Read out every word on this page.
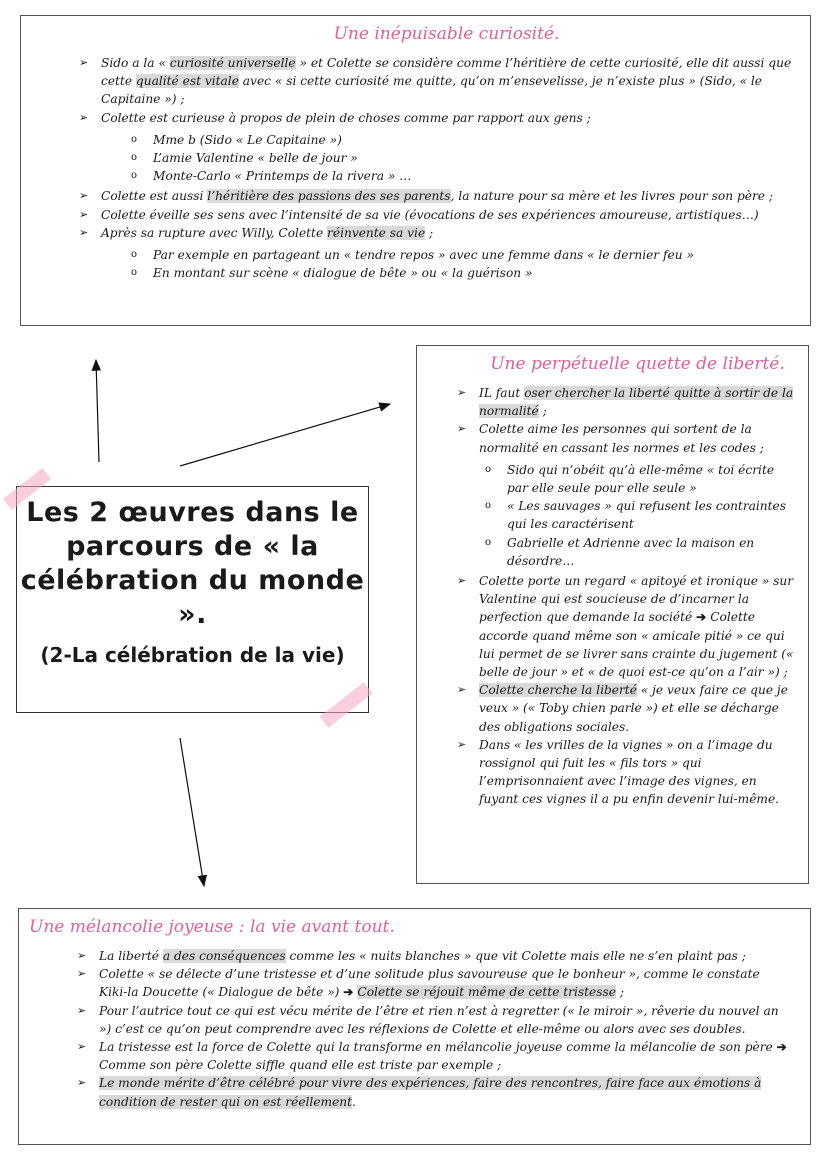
Une inépuisable curiosité.
➢ Sido a la « curiosité universelle » et Colette se considère comme l’héritière de cette curiosité, elle dit aussi que cette qualité est vitale avec « si cette curiosité me quitte, qu’on m’ensevelisse, je n’existe plus » (Sido, « le Capitaine ») ;
➢ Colette est curieuse à propos de plein de choses comme par rapport aux gens ;
o Mme b (Sido « Le Capitaine »)
o L’amie Valentine « belle de jour »
o Monte-Carlo « Printemps de la rivera » …
➢ Colette est aussi l’héritière des passions des ses parents, la nature pour sa mère et les livres pour son père ;
➢ Colette éveille ses sens avec l’intensité de sa vie (évocations de ses expériences amoureuse, artistiques…)
➢ Après sa rupture avec Willy, Colette réinvente sa vie ;
o Par exemple en partageant un « tendre repos » avec une femme dans « le dernier feu »
o En montant sur scène « dialogue de bête » ou « la guérison »
Une perpétuelle quette de liberté.
➢ IL faut oser chercher la liberté quitte à sortir de la normalité ;
➢ Colette aime les personnes qui sortent de la normalité en cassant les normes et les codes ;
o Sido qui n’obéit qu’à elle-même « toi écrite par elle seule pour elle seule »
o « Les sauvages » qui refusent les contraintes qui les caractérisent
o Gabrielle et Adrienne avec la maison en désordre…
➢ Colette porte un regard « apitoyé et ironique » sur Valentine qui est soucieuse de d’incarner la perfection que demande la société ➔ Colette accorde quand même son « amicale pitié » ce qui lui permet de se livrer sans crainte du jugement (« belle de jour » et « de quoi est-ce qu’on a l’air ») ;
➢ Colette cherche la liberté « je veux faire ce que je veux » (« Toby chien parle ») et elle se décharge des obligations sociales.
➢ Dans « les vrilles de la vignes » on a l’image du rossignol qui fuit les « fils tors » qui l’emprisonnaient avec l’image des vignes, en fuyant ces vignes il a pu enfin devenir lui-même.
Les 2 œuvres dans le parcours de « la célébration du monde ».
(2-La célébration de la vie)
Une mélancolie joyeuse : la vie avant tout.
➢ La liberté a des conséquences comme les « nuits blanches » que vit Colette mais elle ne s’en plaint pas ;
➢ Colette « se délecte d’une tristesse et d’une solitude plus savoureuse que le bonheur », comme le constate Kiki-la Doucette (« Dialogue de bête ») ➔ Colette se réjouit même de cette tristesse ;
➢ Pour l’autrice tout ce qui est vécu mérite de l’être et rien n’est à regretter (« le miroir », rêverie du nouvel an ») c’est ce qu’on peut comprendre avec les réflexions de Colette et elle-même ou alors avec ses doubles.
➢ La tristesse est la force de Colette qui la transforme en mélancolie joyeuse comme la mélancolie de son père ➔ Comme son père Colette siffle quand elle est triste par exemple ;
➢ Le monde mérite d’être célébré pour vivre des expériences, faire des rencontres, faire face aux émotions à condition de rester qui on est réellement.
